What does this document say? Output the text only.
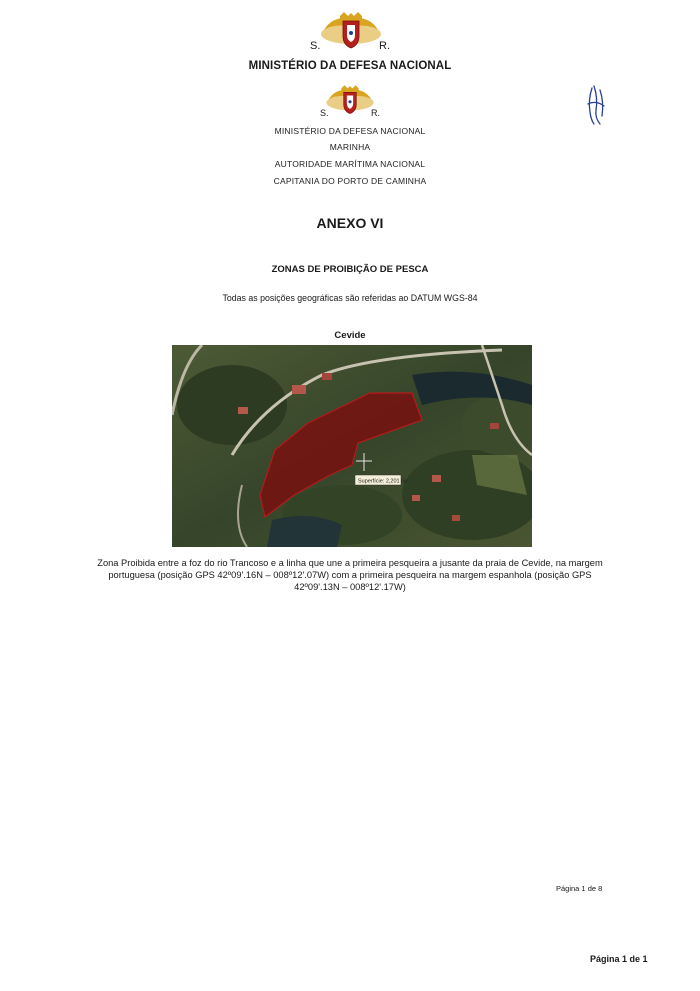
S.	R.
MINISTÉRIO DA DEFESA NACIONAL
S.	R.
MINISTÉRIO DA DEFESA NACIONAL
MARINHA
AUTORIDADE MARÍTIMA NACIONAL
CAPITANIA DO PORTO DE CAMINHA
ANEXO VI
ZONAS DE PROIBIÇÃO DE PESCA
Todas as posições geográficas são referidas ao DATUM WGS-84
Cevide
Superfície: 2,201 ha
Zona Proibida entre a foz do rio Trancoso e a linha que une a primeira pesqueira a jusante da praia de Cevide, na margem portuguesa (posição GPS 42º09'.16N – 008º12'.07W) com a primeira pesqueira na margem espanhola (posição GPS 42º09'.13N – 008º12'.17W)
Página 1 de 8
Página 1 de 1
